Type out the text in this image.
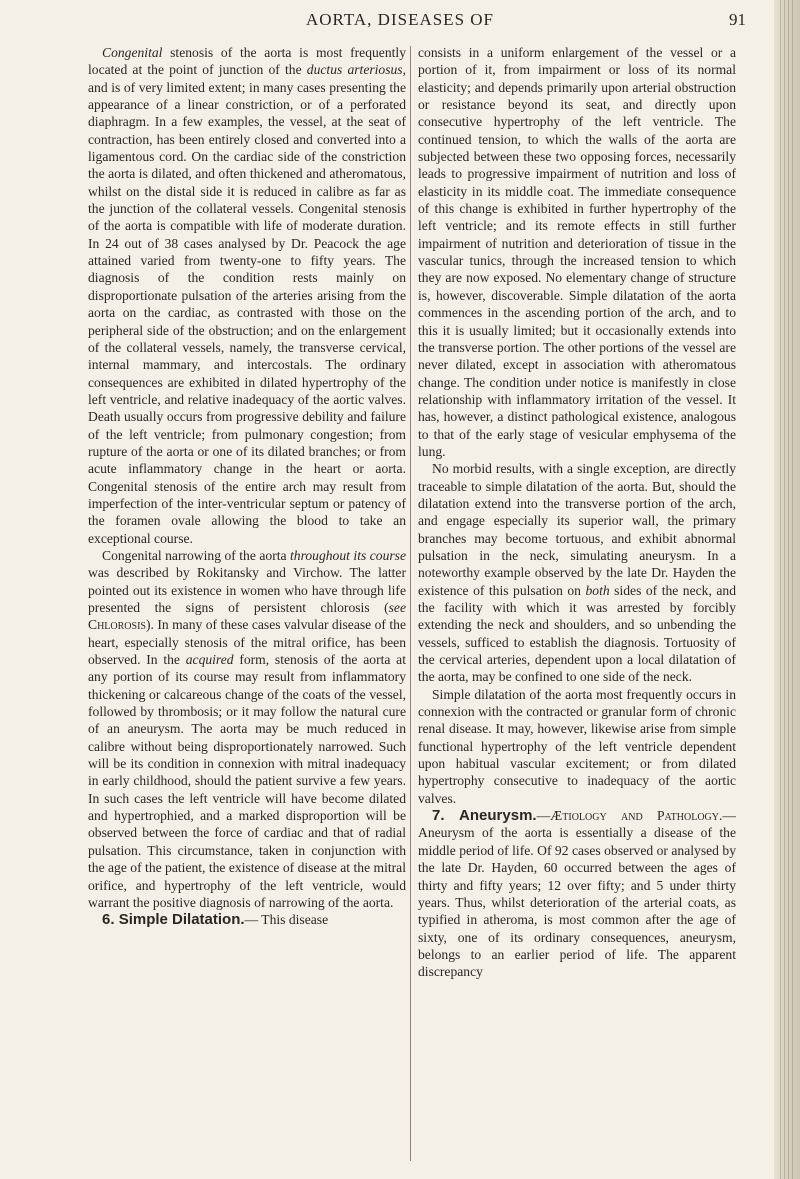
AORTA, DISEASES OF	91

Congenital stenosis of the aorta is most frequently located at the point of junction of the ductus arteriosus, and is of very limited extent; in many cases presenting the appearance of a linear constriction, or of a perforated diaphragm. In a few examples, the vessel, at the seat of contraction, has been entirely closed and converted into a ligamentous cord. On the cardiac side of the constriction the aorta is dilated, and often thickened and atheromatous, whilst on the distal side it is reduced in calibre as far as the junction of the collateral vessels. Congenital stenosis of the aorta is compatible with life of moderate duration. In 24 out of 38 cases analysed by Dr. Peacock the age attained varied from twenty-one to fifty years. The diagnosis of the condition rests mainly on disproportionate pulsation of the arteries arising from the aorta on the cardiac, as contrasted with those on the peripheral side of the obstruction; and on the enlargement of the collateral vessels, namely, the transverse cervical, internal mammary, and intercostals. The ordinary consequences are exhibited in dilated hypertrophy of the left ventricle, and relative inadequacy of the aortic valves. Death usually occurs from progressive debility and failure of the left ventricle; from pulmonary congestion; from rupture of the aorta or one of its dilated branches; or from acute inflammatory change in the heart or aorta. Congenital stenosis of the entire arch may result from imperfection of the inter-ventricular septum or patency of the foramen ovale allowing the blood to take an exceptional course.

Congenital narrowing of the aorta throughout its course was described by Rokitansky and Virchow. The latter pointed out its existence in women who have through life presented the signs of persistent chlorosis (see Chlorosis). In many of these cases valvular disease of the heart, especially stenosis of the mitral orifice, has been observed. In the acquired form, stenosis of the aorta at any portion of its course may result from inflammatory thickening or calcareous change of the coats of the vessel, followed by thrombosis; or it may follow the natural cure of an aneurysm. The aorta may be much reduced in calibre without being disproportionately narrowed. Such will be its condition in connexion with mitral inadequacy in early childhood, should the patient survive a few years. In such cases the left ventricle will have become dilated and hypertrophied, and a marked disproportion will be observed between the force of cardiac and that of radial pulsation. This circumstance, taken in conjunction with the age of the patient, the existence of disease at the mitral orifice, and hypertrophy of the left ventricle, would warrant the positive diagnosis of narrowing of the aorta.

6. Simple Dilatation.— This disease

consists in a uniform enlargement of the vessel or a portion of it, from impairment or loss of its normal elasticity; and depends primarily upon arterial obstruction or resistance beyond its seat, and directly upon consecutive hypertrophy of the left ventricle. The continued tension, to which the walls of the aorta are subjected between these two opposing forces, necessarily leads to progressive impairment of nutrition and loss of elasticity in its middle coat. The immediate consequence of this change is exhibited in further hypertrophy of the left ventricle; and its remote effects in still further impairment of nutrition and deterioration of tissue in the vascular tunics, through the increased tension to which they are now exposed. No elementary change of structure is, however, discoverable. Simple dilatation of the aorta commences in the ascending portion of the arch, and to this it is usually limited; but it occasionally extends into the transverse portion. The other portions of the vessel are never dilated, except in association with atheromatous change. The condition under notice is manifestly in close relationship with inflammatory irritation of the vessel. It has, however, a distinct pathological existence, analogous to that of the early stage of vesicular emphysema of the lung.

No morbid results, with a single exception, are directly traceable to simple dilatation of the aorta. But, should the dilatation extend into the transverse portion of the arch, and engage especially its superior wall, the primary branches may become tortuous, and exhibit abnormal pulsation in the neck, simulating aneurysm. In a noteworthy example observed by the late Dr. Hayden the existence of this pulsation on both sides of the neck, and the facility with which it was arrested by forcibly extending the neck and shoulders, and so unbending the vessels, sufficed to establish the diagnosis. Tortuosity of the cervical arteries, dependent upon a local dilatation of the aorta, may be confined to one side of the neck.

Simple dilatation of the aorta most frequently occurs in connexion with the contracted or granular form of chronic renal disease. It may, however, likewise arise from simple functional hypertrophy of the left ventricle dependent upon habitual vascular excitement; or from dilated hypertrophy consecutive to inadequacy of the aortic valves.

7. Aneurysm.—Ætiology and Pathology.—Aneurysm of the aorta is essentially a disease of the middle period of life. Of 92 cases observed or analysed by the late Dr. Hayden, 60 occurred between the ages of thirty and fifty years; 12 over fifty; and 5 under thirty years. Thus, whilst deterioration of the arterial coats, as typified in atheroma, is most common after the age of sixty, one of its ordinary consequences, aneurysm, belongs to an earlier period of life. The apparent discrepancy
